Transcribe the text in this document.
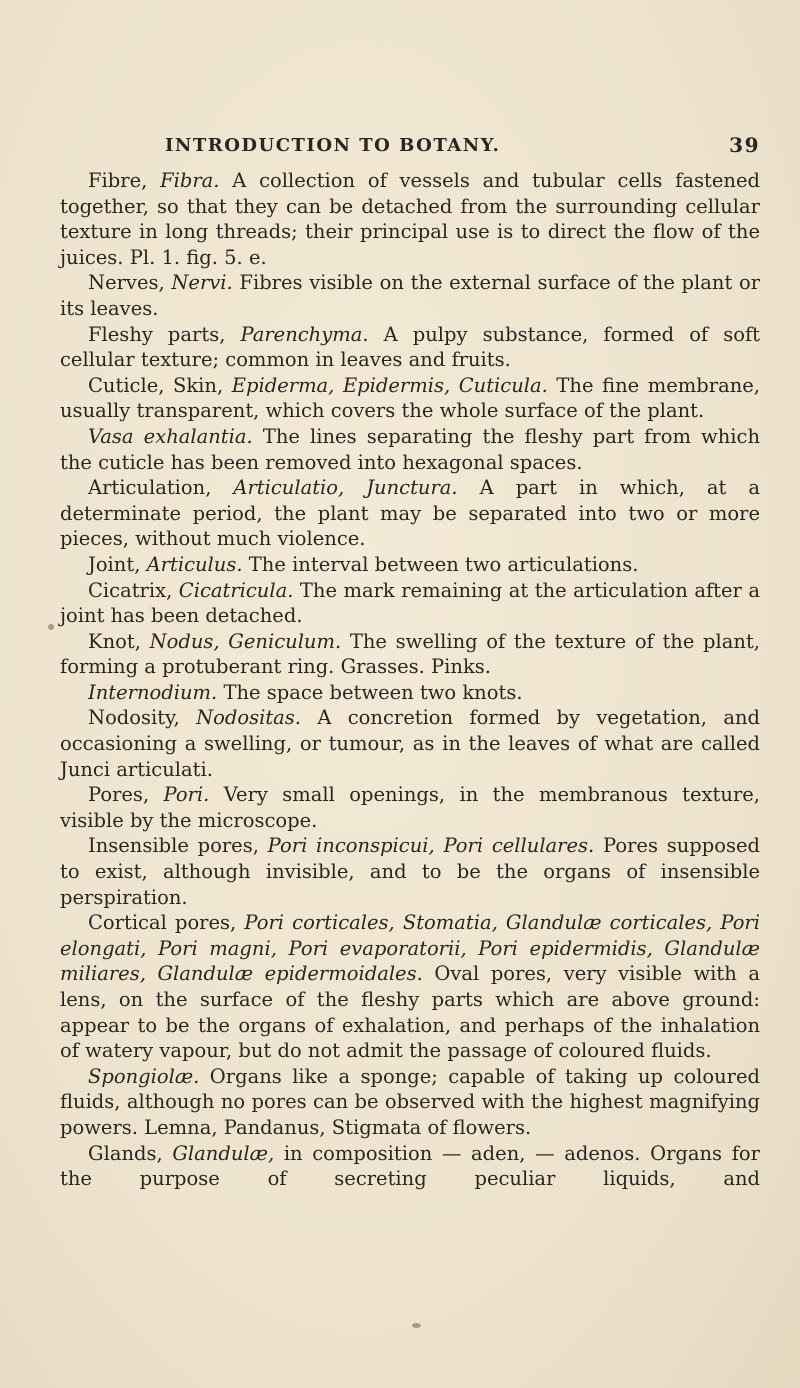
INTRODUCTION TO BOTANY.	39

Fibre, Fibra. A collection of vessels and tubular cells fastened together, so that they can be detached from the surrounding cellular texture in long threads; their principal use is to direct the flow of the juices. Pl. 1. fig. 5. e.

Nerves, Nervi. Fibres visible on the external surface of the plant or its leaves.

Fleshy parts, Parenchyma. A pulpy substance, formed of soft cellular texture; common in leaves and fruits.

Cuticle, Skin, Epiderma, Epidermis, Cuticula. The fine membrane, usually transparent, which covers the whole surface of the plant.

Vasa exhalantia. The lines separating the fleshy part from which the cuticle has been removed into hexagonal spaces.

Articulation, Articulatio, Junctura. A part in which, at a determinate period, the plant may be separated into two or more pieces, without much violence.

Joint, Articulus. The interval between two articulations.

Cicatrix, Cicatricula. The mark remaining at the articulation after a joint has been detached.

Knot, Nodus, Geniculum. The swelling of the texture of the plant, forming a protuberant ring. Grasses. Pinks.

Internodium. The space between two knots.

Nodosity, Nodositas. A concretion formed by vegetation, and occasioning a swelling, or tumour, as in the leaves of what are called Junci articulati.

Pores, Pori. Very small openings, in the membranous texture, visible by the microscope.

Insensible pores, Pori inconspicui, Pori cellulares. Pores supposed to exist, although invisible, and to be the organs of insensible perspiration.

Cortical pores, Pori corticales, Stomatia, Glandulæ corticales, Pori elongati, Pori magni, Pori evaporatorii, Pori epidermidis, Glandulæ miliares, Glandulæ epidermoidales. Oval pores, very visible with a lens, on the surface of the fleshy parts which are above ground: appear to be the organs of exhalation, and perhaps of the inhalation of watery vapour, but do not admit the passage of coloured fluids.

Spongiolæ. Organs like a sponge; capable of taking up coloured fluids, although no pores can be observed with the highest magnifying powers. Lemna, Pandanus, Stigmata of flowers.

Glands, Glandulæ, in composition — aden, — adenos. Organs for the purpose of secreting peculiar liquids, and
